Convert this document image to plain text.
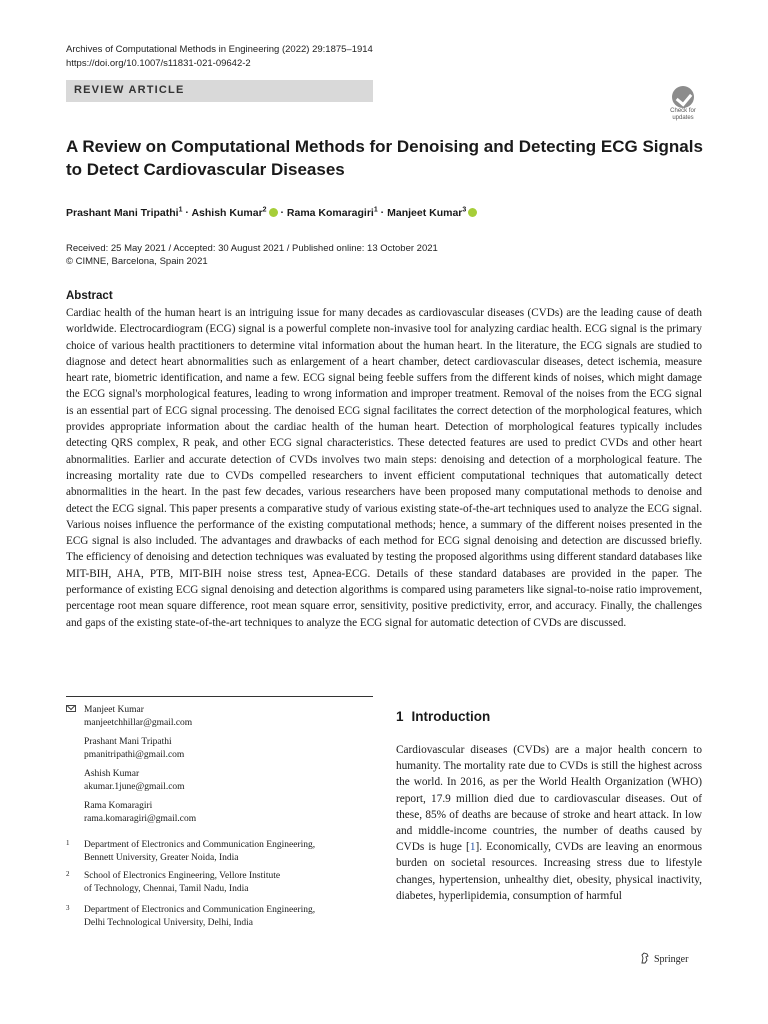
Archives of Computational Methods in Engineering (2022) 29:1875–1914
https://doi.org/10.1007/s11831-021-09642-2
REVIEW ARTICLE
Check for
updates
A Review on Computational Methods for Denoising and Detecting ECG Signals to Detect Cardiovascular Diseases
Prashant Mani Tripathi$^1$ · Ashish Kumar$^2$ · Rama Komaragiri$^1$ · Manjeet Kumar$^3$
Received: 25 May 2021 / Accepted: 30 August 2021 / Published online: 13 October 2021
© CIMNE, Barcelona, Spain 2021
Abstract

Cardiac health of the human heart is an intriguing issue for many decades as cardiovascular diseases (CVDs) are the leading cause of death worldwide. Electrocardiogram (ECG) signal is a powerful complete non-invasive tool for analyzing cardiac health. ECG signal is the primary choice of various health practitioners to determine vital information about the human heart. In the literature, the ECG signals are studied to diagnose and detect heart abnormalities such as enlargement of a heart chamber, detect cardiovascular diseases, detect ischemia, measure heart rate, biometric identification, and name a few. ECG signal being feeble suffers from the different kinds of noises, which might damage the ECG signal's morphological features, leading to wrong information and improper treatment. Removal of the noises from the ECG signal is an essential part of ECG signal processing. The denoised ECG signal facilitates the correct detection of the morphological features, which provides appropriate information about the cardiac health of the human heart. Detection of morphological features typically includes detecting QRS complex, R peak, and other ECG signal characteristics. These detected features are used to predict CVDs and other heart abnormalities. Earlier and accurate detection of CVDs involves two main steps: denoising and detection of a morphological feature. The increasing mortality rate due to CVDs compelled researchers to invent efficient computational techniques that automatically detect abnormalities in the heart. In the past few decades, various researchers have been proposed many computational methods to denoise and detect the ECG signal. This paper presents a comparative study of various existing state-of-the-art techniques used to analyze the ECG signal. Various noises influence the performance of the existing computational methods; hence, a summary of the different noises presented in the ECG signal is also included. The advantages and drawbacks of each method for ECG signal denoising and detection are discussed briefly. The efficiency of denoising and detection techniques was evaluated by testing the proposed algorithms using different standard databases like MIT-BIH, AHA, PTB, MIT-BIH noise stress test, Apnea-ECG. Details of these standard databases are provided in the paper. The performance of existing ECG signal denoising and detection algorithms is compared using parameters like signal-to-noise ratio improvement, percentage root mean square difference, root mean square error, sensitivity, positive predictivity, error, and accuracy. Finally, the challenges and gaps of the existing state-of-the-art techniques to analyze the ECG signal for automatic detection of CVDs are discussed.

Manjeet Kumar
manjeetchhillar@gmail.com
Prashant Mani Tripathi
pmanitripathi@gmail.com
Ashish Kumar
akumar.1june@gmail.com
Rama Komaragiri
rama.komaragiri@gmail.com
1 Department of Electronics and Communication Engineering,
Bennett University, Greater Noida, India
2 School of Electronics Engineering, Vellore Institute
of Technology, Chennai, Tamil Nadu, India
3 Department of Electronics and Communication Engineering,
Delhi Technological University, Delhi, India
1 Introduction

Cardiovascular diseases (CVDs) are a major health concern to humanity. The mortality rate due to CVDs is still the highest across the world. In 2016, as per the World Health Organization (WHO) report, 17.9 million died due to cardiovascular diseases. Out of these, 85% of deaths are because of stroke and heart attack. In low and middle-income countries, the number of deaths caused by CVDs is huge [1]. Economically, CVDs are leaving an enormous burden on societal resources. Increasing stress due to lifestyle changes, hypertension, unhealthy diet, obesity, physical inactivity, diabetes, hyperlipidemia, consumption of harmful

Springer
